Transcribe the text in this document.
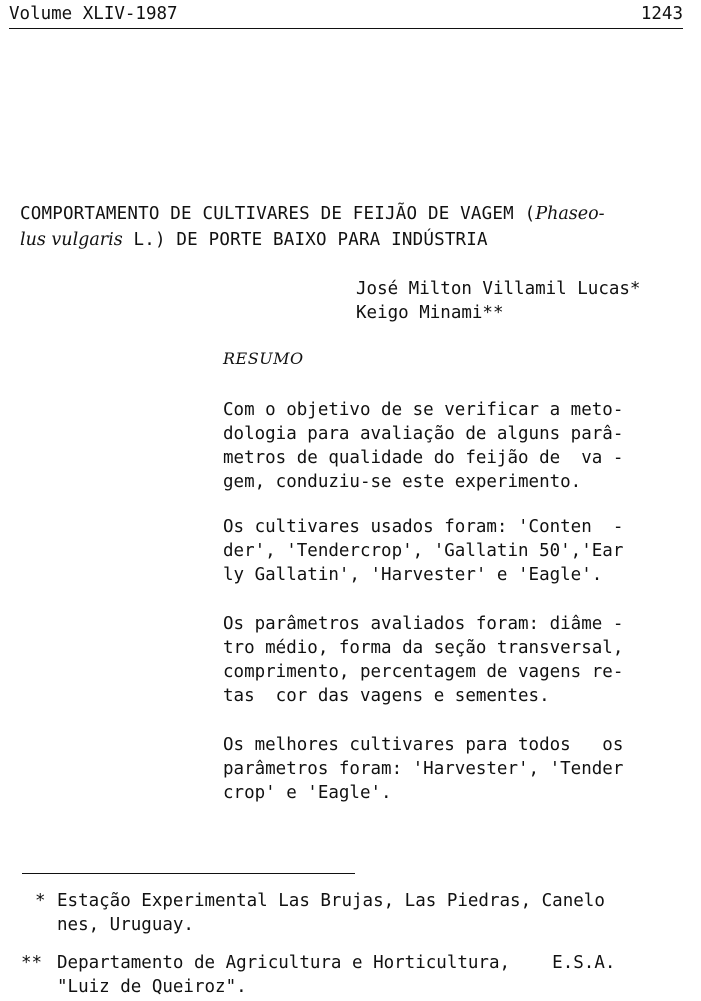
Volume XLIV-1987	1243
COMPORTAMENTO DE CULTIVARES DE FEIJÃO DE VAGEM (Phaseo-
lus vulgaris L.) DE PORTE BAIXO PARA INDÚSTRIA
José Milton Villamil Lucas*
Keigo Minami**
RESUMO
Com o objetivo de se verificar a meto-
dologia para avaliação de alguns parâ-
metros de qualidade do feijão de  va -
gem, conduziu-se este experimento.
Os cultivares usados foram: 'Conten  -
der', 'Tendercrop', 'Gallatin 50','Ear
ly Gallatin', 'Harvester' e 'Eagle'.
Os parâmetros avaliados foram: diâme -
tro médio, forma da seção transversal,
comprimento, percentagem de vagens re-
tas  cor das vagens e sementes.
Os melhores cultivares para todos   os
parâmetros foram: 'Harvester', 'Tender
crop' e 'Eagle'.
* Estação Experimental Las Brujas, Las Piedras, Canelo
nes, Uruguay.
** Departamento de Agricultura e Horticultura,    E.S.A.
"Luiz de Queiroz".
